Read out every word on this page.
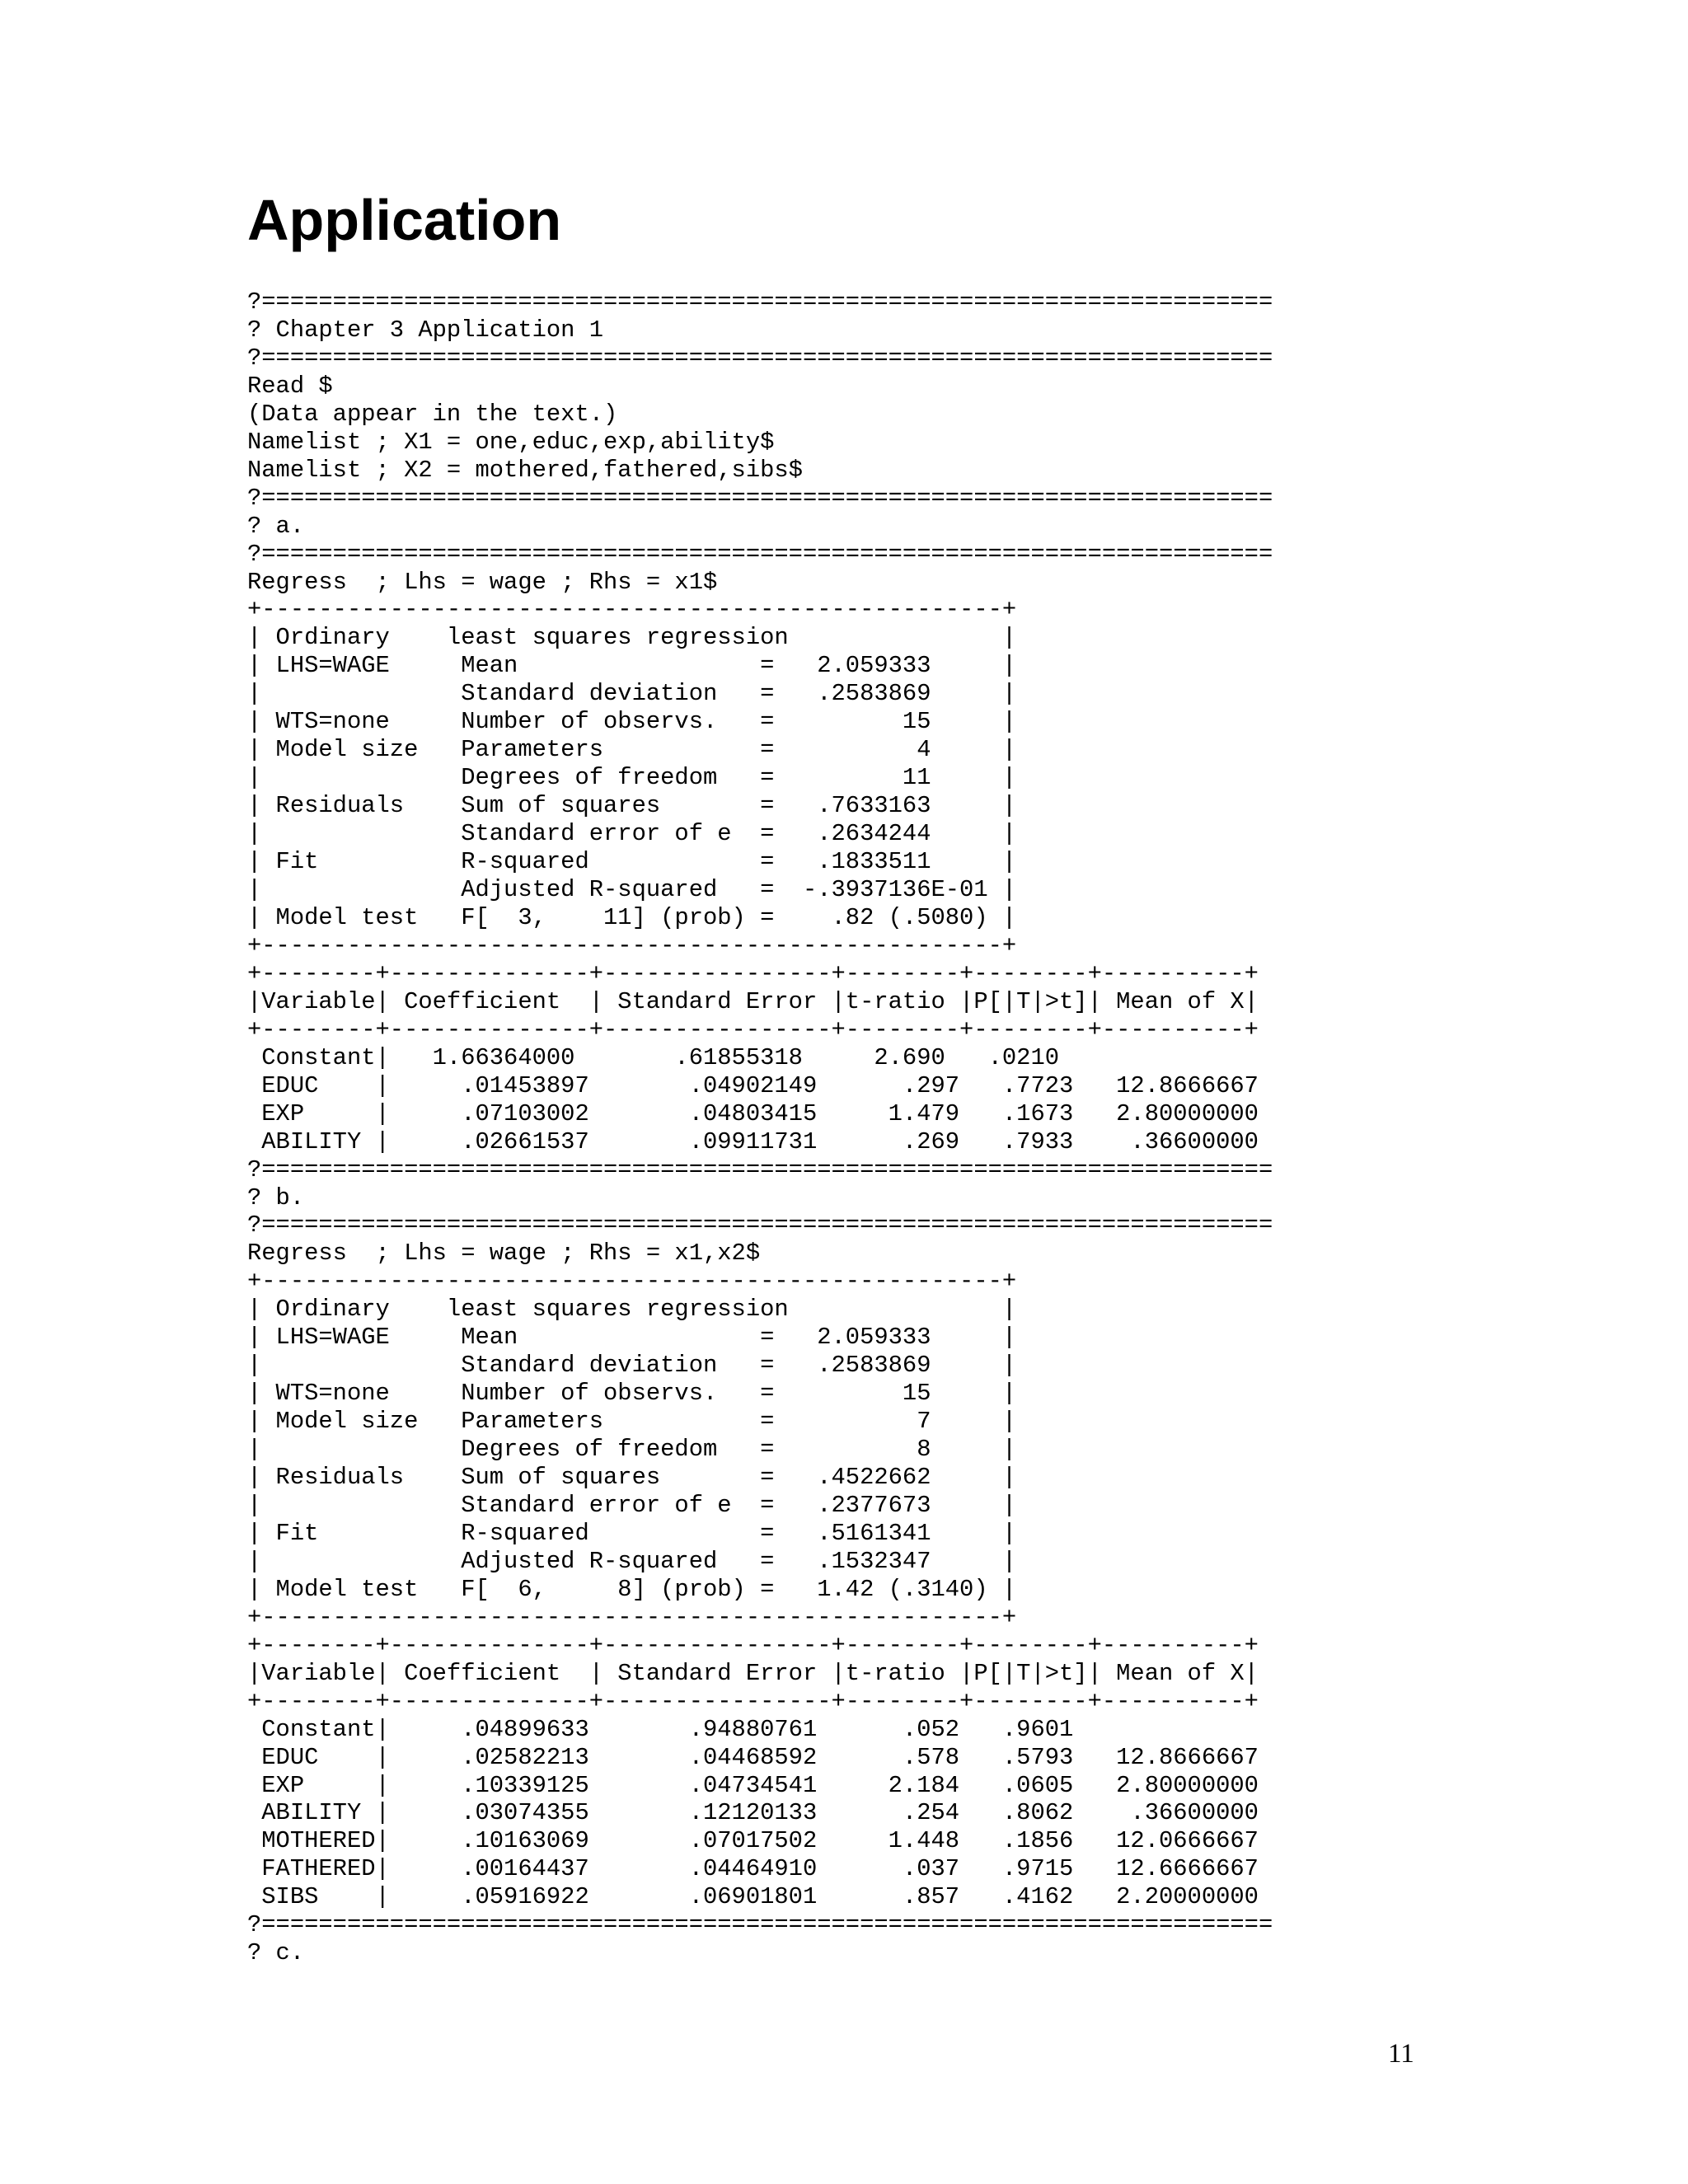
Application
?=======================================================================
? Chapter 3 Application 1
?=======================================================================
Read $
(Data appear in the text.)
Namelist ; X1 = one,educ,exp,ability$
Namelist ; X2 = mothered,fathered,sibs$
?=======================================================================
? a.
?=======================================================================
Regress  ; Lhs = wage ; Rhs = x1$
+----------------------------------------------------+
| Ordinary    least squares regression               |
| LHS=WAGE     Mean                 =   2.059333     |
|              Standard deviation   =   .2583869     |
| WTS=none     Number of observs.   =         15     |
| Model size   Parameters           =          4     |
|              Degrees of freedom   =         11     |
| Residuals    Sum of squares       =   .7633163     |
|              Standard error of e  =   .2634244     |
| Fit          R-squared            =   .1833511     |
|              Adjusted R-squared   =  -.3937136E-01 |
| Model test   F[  3,    11] (prob) =    .82 (.5080) |
+----------------------------------------------------+
+--------+--------------+----------------+--------+--------+----------+
|Variable| Coefficient  | Standard Error |t-ratio |P[|T|>t]| Mean of X|
+--------+--------------+----------------+--------+--------+----------+
Constant|   1.66364000       .61855318     2.690   .0210
EDUC    |     .01453897       .04902149      .297   .7723   12.8666667
EXP     |     .07103002       .04803415     1.479   .1673   2.80000000
ABILITY |     .02661537       .09911731      .269   .7933    .36600000
?=======================================================================
? b.
?=======================================================================
Regress  ; Lhs = wage ; Rhs = x1,x2$
+----------------------------------------------------+
| Ordinary    least squares regression               |
| LHS=WAGE     Mean                 =   2.059333     |
|              Standard deviation   =   .2583869     |
| WTS=none     Number of observs.   =         15     |
| Model size   Parameters           =          7     |
|              Degrees of freedom   =          8     |
| Residuals    Sum of squares       =   .4522662     |
|              Standard error of e  =   .2377673     |
| Fit          R-squared            =   .5161341     |
|              Adjusted R-squared   =   .1532347     |
| Model test   F[  6,     8] (prob) =   1.42 (.3140) |
+----------------------------------------------------+
+--------+--------------+----------------+--------+--------+----------+
|Variable| Coefficient  | Standard Error |t-ratio |P[|T|>t]| Mean of X|
+--------+--------------+----------------+--------+--------+----------+
Constant|     .04899633       .94880761      .052   .9601
EDUC    |     .02582213       .04468592      .578   .5793   12.8666667
EXP     |     .10339125       .04734541     2.184   .0605   2.80000000
ABILITY |     .03074355       .12120133      .254   .8062    .36600000
MOTHERED|     .10163069       .07017502     1.448   .1856   12.0666667
FATHERED|     .00164437       .04464910      .037   .9715   12.6666667
SIBS    |     .05916922       .06901801      .857   .4162   2.20000000
?=======================================================================
? c.
11
